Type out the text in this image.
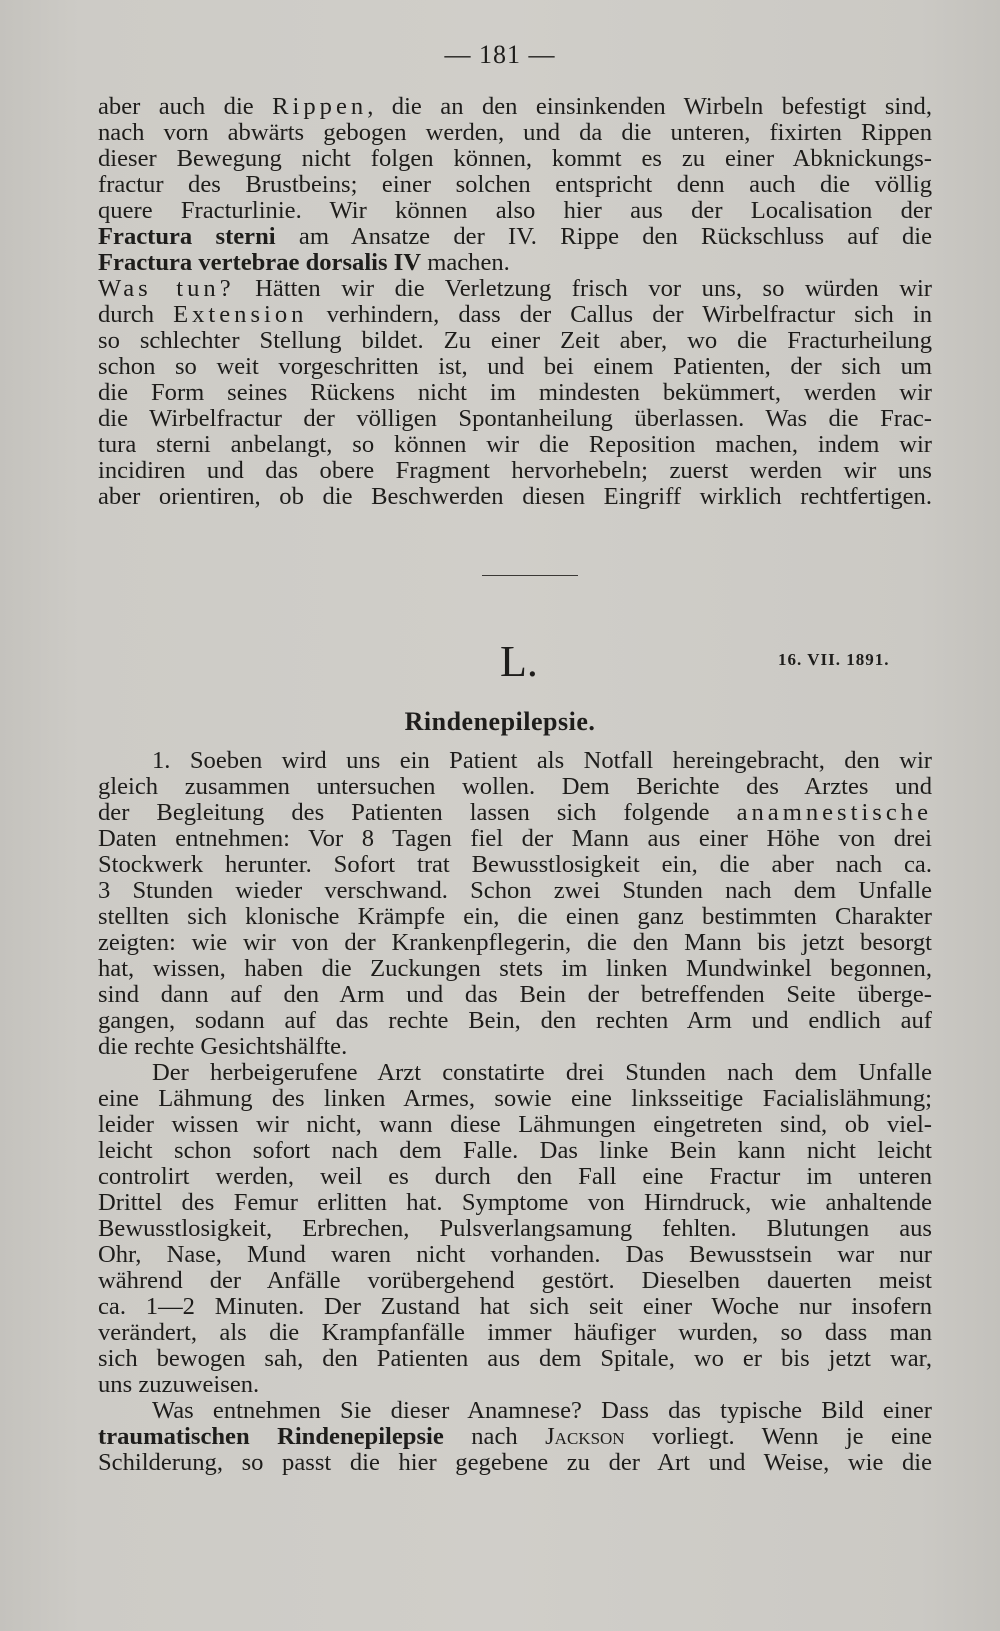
— 181 —
aber auch die Rippen, die an den einsinkenden Wirbeln befestigt sind,
nach vorn abwärts gebogen werden, und da die unteren, fixirten Rippen
dieser Bewegung nicht folgen können, kommt es zu einer Abknickungs-
fractur des Brustbeins; einer solchen entspricht denn auch die völlig
quere Fracturlinie. Wir können also hier aus der Localisation der
Fractura sterni am Ansatze der IV. Rippe den Rückschluss auf die
Fractura vertebrae dorsalis IV machen.
Was tun? Hätten wir die Verletzung frisch vor uns, so würden wir
durch Extension verhindern, dass der Callus der Wirbelfractur sich in
so schlechter Stellung bildet. Zu einer Zeit aber, wo die Fracturheilung
schon so weit vorgeschritten ist, und bei einem Patienten, der sich um
die Form seines Rückens nicht im mindesten bekümmert, werden wir
die Wirbelfractur der völligen Spontanheilung überlassen. Was die Frac-
tura sterni anbelangt, so können wir die Reposition machen, indem wir
incidiren und das obere Fragment hervorhebeln; zuerst werden wir uns
aber orientiren, ob die Beschwerden diesen Eingriff wirklich rechtfertigen.
L.	16. VII. 1891.
Rindenepilepsie.
1. Soeben wird uns ein Patient als Notfall hereingebracht, den wir
gleich zusammen untersuchen wollen. Dem Berichte des Arztes und
der Begleitung des Patienten lassen sich folgende anamnestische
Daten entnehmen: Vor 8 Tagen fiel der Mann aus einer Höhe von drei
Stockwerk herunter. Sofort trat Bewusstlosigkeit ein, die aber nach ca.
3 Stunden wieder verschwand. Schon zwei Stunden nach dem Unfalle
stellten sich klonische Krämpfe ein, die einen ganz bestimmten Charakter
zeigten: wie wir von der Krankenpflegerin, die den Mann bis jetzt besorgt
hat, wissen, haben die Zuckungen stets im linken Mundwinkel begonnen,
sind dann auf den Arm und das Bein der betreffenden Seite überge-
gangen, sodann auf das rechte Bein, den rechten Arm und endlich auf
die rechte Gesichtshälfte.
Der herbeigerufene Arzt constatirte drei Stunden nach dem Unfalle
eine Lähmung des linken Armes, sowie eine linksseitige Facialislähmung;
leider wissen wir nicht, wann diese Lähmungen eingetreten sind, ob viel-
leicht schon sofort nach dem Falle. Das linke Bein kann nicht leicht
controlirt werden, weil es durch den Fall eine Fractur im unteren
Drittel des Femur erlitten hat. Symptome von Hirndruck, wie anhaltende
Bewusstlosigkeit, Erbrechen, Pulsverlangsamung fehlten. Blutungen aus
Ohr, Nase, Mund waren nicht vorhanden. Das Bewusstsein war nur
während der Anfälle vorübergehend gestört. Dieselben dauerten meist
ca. 1—2 Minuten. Der Zustand hat sich seit einer Woche nur insofern
verändert, als die Krampfanfälle immer häufiger wurden, so dass man
sich bewogen sah, den Patienten aus dem Spitale, wo er bis jetzt war,
uns zuzuweisen.
Was entnehmen Sie dieser Anamnese? Dass das typische Bild einer
traumatischen Rindenepilepsie nach Jackson vorliegt. Wenn je eine
Schilderung, so passt die hier gegebene zu der Art und Weise, wie die
